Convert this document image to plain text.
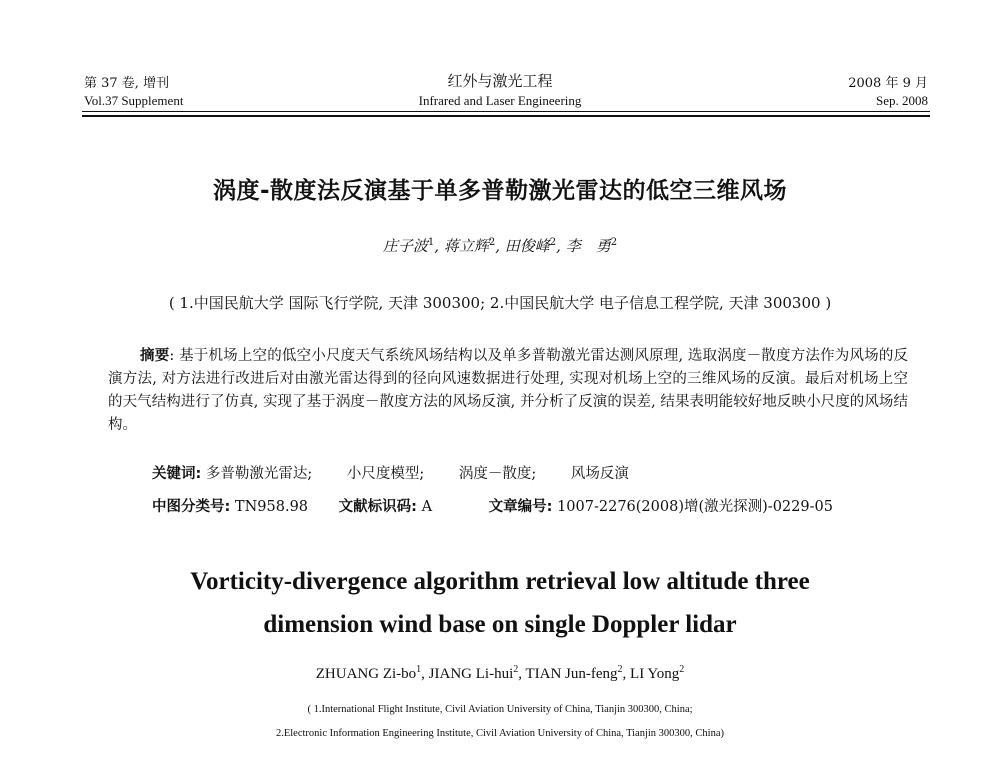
第 37 卷, 增刊
Vol.37 Supplement
红外与激光工程
Infrared and Laser Engineering
2008 年 9 月
Sep. 2008
涡度-散度法反演基于单多普勒激光雷达的低空三维风场
庄子波$^1$, 蒋立辉$^2$, 田俊峰$^2$, 李　勇$^2$
( 1.中国民航大学 国际飞行学院, 天津 300300; 2.中国民航大学 电子信息工程学院, 天津 300300 )
摘要: 基于机场上空的低空小尺度天气系统风场结构以及单多普勒激光雷达测风原理, 选取涡度－散度方法作为风场的反演方法, 对方法进行改进后对由激光雷达得到的径向风速数据进行处理, 实现对机场上空的三维风场的反演。最后对机场上空的天气结构进行了仿真, 实现了基于涡度－散度方法的风场反演, 并分析了反演的误差, 结果表明能较好地反映小尺度的风场结构。
关键词: 多普勒激光雷达; 小尺度模型; 涡度－散度; 风场反演
中图分类号: TN958.98 文献标识码: A	文章编号: 1007-2276(2008)增(激光探测)-0229-05
Vorticity-divergence algorithm retrieval low altitude three
dimension wind base on single Doppler lidar
ZHUANG $Zi-bo^1$, JIANG Li-hui$^2$, TIAN Jun-feng$^2$, LI Yong$^2$
( 1.International Flight Institute, Civil Aviation University of China, Tianjin 300300, China;
2.Electronic Information Engineering Institute, Civil Aviation University of China, Tianjin 300300, China)
